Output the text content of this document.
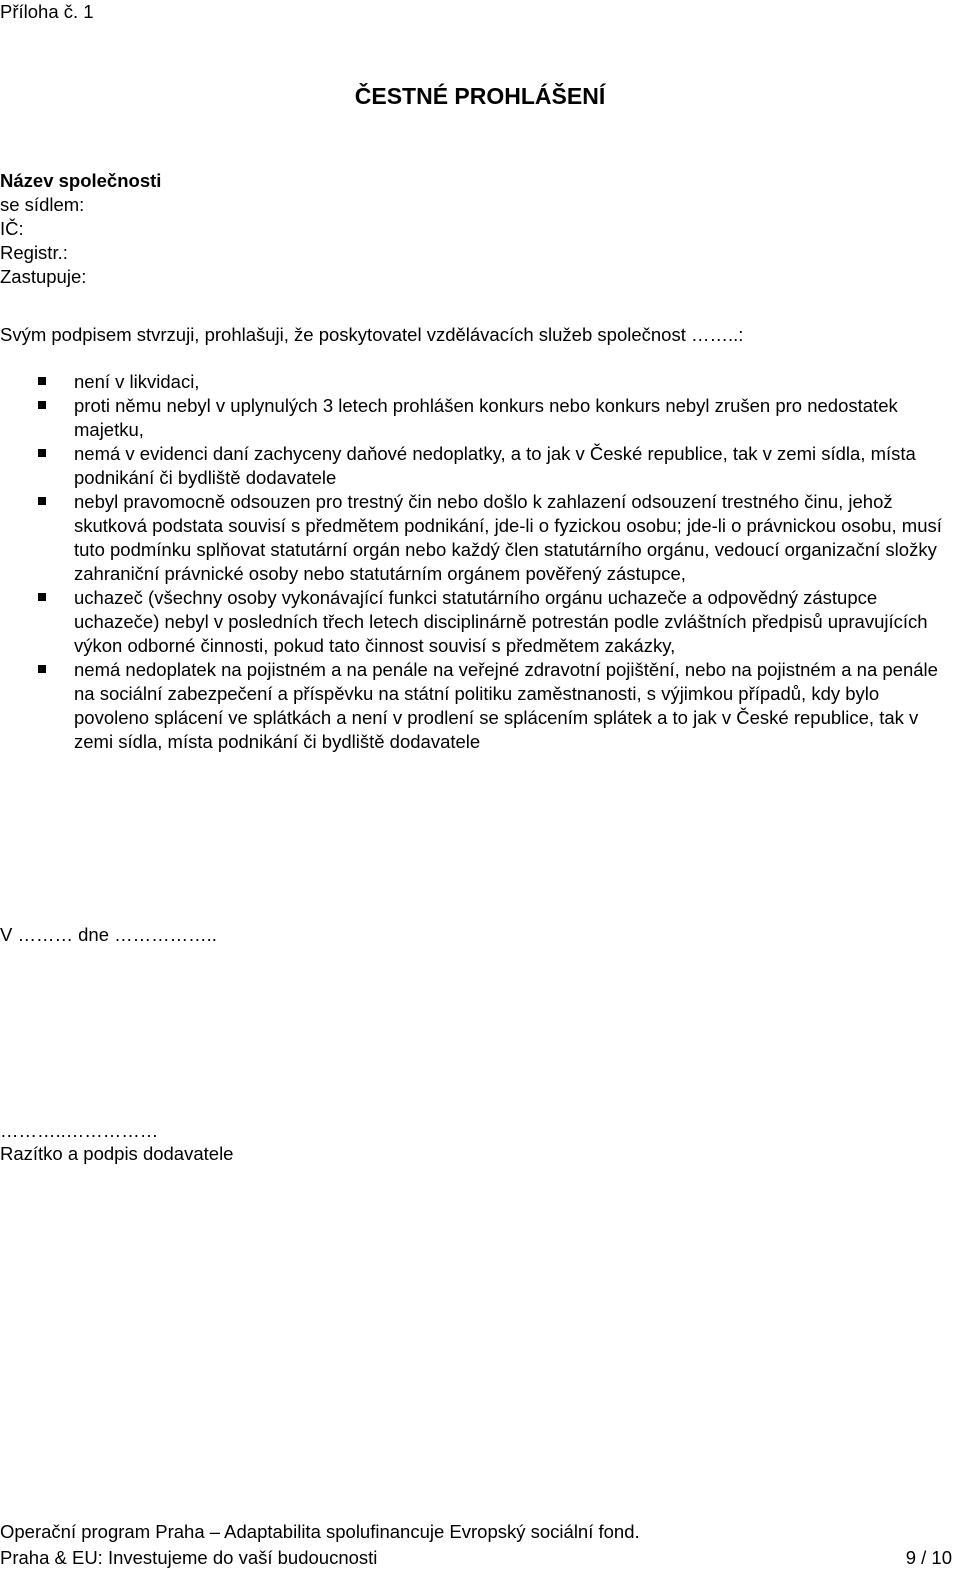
Příloha č. 1
ČESTNÉ PROHLÁŠENÍ
Název společnosti
se sídlem:
IČ:
Registr.:
Zastupuje:
Svým podpisem stvrzuji, prohlašuji, že poskytovatel vzdělávacích služeb společnost ……..:
není v likvidaci,
proti němu nebyl v uplynulých 3 letech prohlášen konkurs nebo konkurs nebyl zrušen pro nedostatek majetku,
nemá v evidenci daní zachyceny daňové nedoplatky, a to jak v České republice, tak v zemi sídla, místa podnikání či bydliště dodavatele
nebyl pravomocně odsouzen pro trestný čin nebo došlo k zahlazení odsouzení trestného činu, jehož skutková podstata souvisí s předmětem podnikání, jde-li o fyzickou osobu; jde-li o právnickou osobu, musí tuto podmínku splňovat statutární orgán nebo každý člen statutárního orgánu, vedoucí organizační složky zahraniční právnické osoby nebo statutárním orgánem pověřený zástupce,
uchazeč (všechny osoby vykonávající funkci statutárního orgánu uchazeče a odpovědný zástupce uchazeče) nebyl v posledních třech letech disciplinárně potrestán podle zvláštních předpisů upravujících výkon odborné činnosti, pokud tato činnost souvisí s předmětem zakázky,
nemá nedoplatek na pojistném a na penále na veřejné zdravotní pojištění, nebo na pojistném a na penále na sociální zabezpečení a příspěvku na státní politiku zaměstnanosti, s výjimkou případů, kdy bylo povoleno splácení ve splátkách a není v prodlení se splácením splátek a to jak v České republice, tak v zemi sídla, místa podnikání či bydliště dodavatele
V ……… dne ……………..
………..……………
Razítko a podpis dodavatele
Operační program Praha – Adaptabilita spolufinancuje Evropský sociální fond.
Praha & EU: Investujeme do vaší budoucnosti	9 / 10
